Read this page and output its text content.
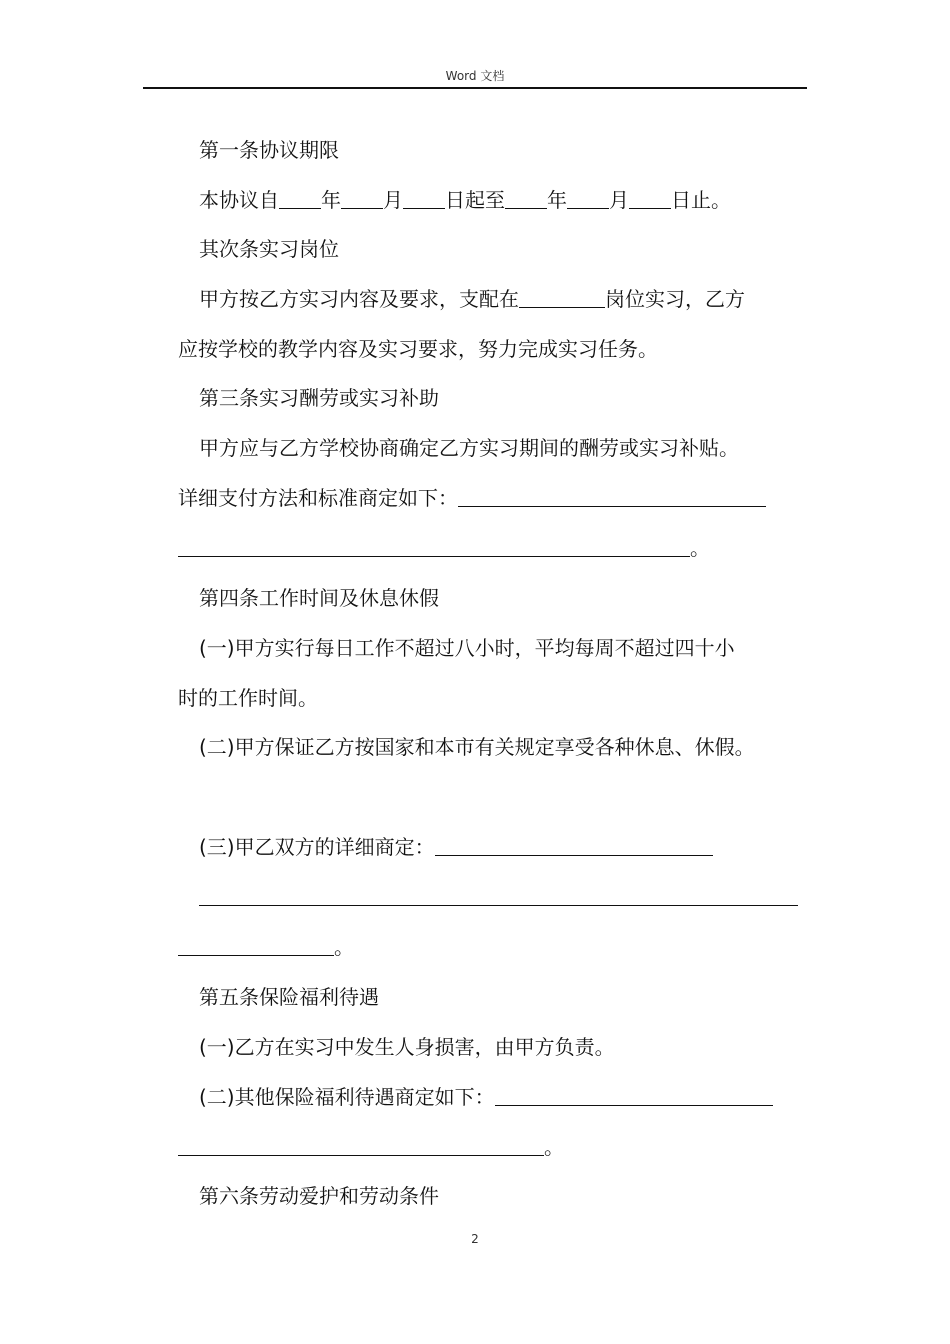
Word 文档
第一条协议期限
本协议自 年 月 日起至 年 月 日止。
其次条实习岗位
甲方按乙方实习内容及要求，支配在	岗位实习，乙方
应按学校的教学内容及实习要求，努力完成实习任务。
第三条实习酬劳或实习补助
甲方应与乙方学校协商确定乙方实习期间的酬劳或实习补贴。
详细支付方法和标准商定如下：
。
第四条工作时间及休息休假
(一)甲方实行每日工作不超过八小时，平均每周不超过四十小
时的工作时间。
(二)甲方保证乙方按国家和本市有关规定享受各种休息、休假。
(三)甲乙双方的详细商定：
。
第五条保险福利待遇
(一)乙方在实习中发生人身损害，由甲方负责。
(二)其他保险福利待遇商定如下：
。
第六条劳动爱护和劳动条件
2
